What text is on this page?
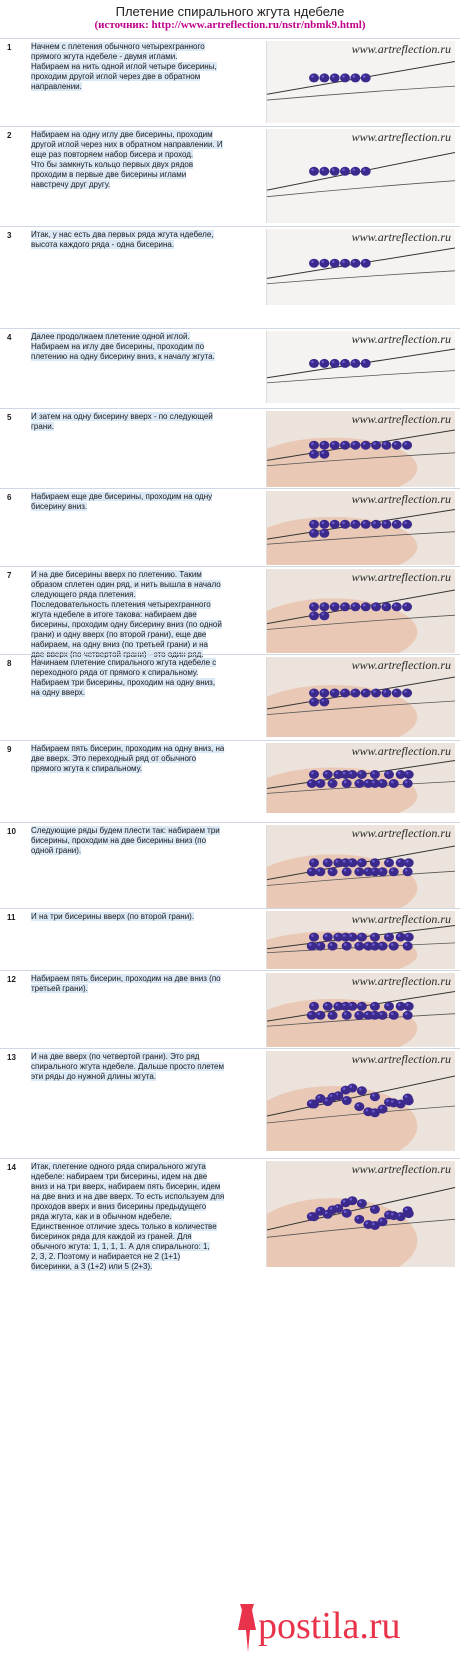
Плетение спирального жгута ндебеле
(источник: http://www.artreflection.ru/nstr/nbmk9.html)
1 Начнем с плетения обычного четырехгранного
прямого жгута ндебеле - двумя иглами.
Набираем на нить одной иглой четыре бисерины,
проходим другой иглой через две в обратном
направлении.
www.artreflection.ru
2 Набираем на одну иглу две бисерины, проходим
другой иглой через них в обратном направлении. И
еще раз повторяем набор бисера и проход.
Что бы замкнуть кольцо первых двух рядов
проходим в первые две бисерины иглами
навстречу друг другу.
www.artreflection.ru
3 Итак, у нас есть два первых ряда жгута ндебеле,
высота каждого ряда - одна бисерина.
www.artreflection.ru
4 Далее продолжаем плетение одной иглой.
Набираем на иглу две бисерины, проходим по
плетению на одну бисерину вниз, к началу жгута.
www.artreflection.ru
5 И затем на одну бисерину вверх - по следующей
грани.
www.artreflection.ru
6 Набираем еще две бисерины, проходим на одну
бисерину вниз.
www.artreflection.ru
7 И на две бисерины вверх по плетению. Таким
образом сплетен один ряд, и нить вышла в начало
следующего ряда плетения.
Последовательность плетения четырехгранного
жгута ндебеле в итоге такова: набираем две
бисерины, проходим одну бисерину вниз (по одной
грани) и одну вверх (по второй грани), еще две
набираем, на одну вниз (по третьей грани) и на

www.artreflection.ru
8 Начинаем плетение спирального жгута ндебеле с
переходного ряда от прямого к спиральному.
Набираем три бисерины, проходим на одну вниз,
на одну вверх.
www.artreflection.ru
9 Набираем пять бисерин, проходим на одну вниз, на
две вверх. Это переходный ряд от обычного
прямого жгута к спиральному.
www.artreflection.ru
10 Следующие ряды будем плести так: набираем три
бисерины, проходим на две бисерины вниз (по
одной грани).
www.artreflection.ru
11 И на три бисерины вверх (по второй грани).	www.artreflection.ru
12 Набираем пять бисерин, проходим на две вниз (по
третьей грани).
www.artreflection.ru
13 И на две вверх (по четвертой грани). Это ряд
спирального жгута ндебеле. Дальше просто плетем
эти ряды до нужной длины жгута.
www.artreflection.ru
14 Итак, плетение одного ряда спирального жгута
ндебеле: набираем три бисерины, идем на две
вниз и на три вверх, набираем пять бисерин, идем
на две вниз и на две вверх. То есть используем для
проходов вверх и вниз бисерины предыдущего
ряда жгута, как и в обычном ндебеле.
Единственное отличие здесь только в количестве
бисеринок ряда для каждой из граней. Для
обычного жгута: 1, 1, 1, 1. А для спирального: 1,
2, 3, 2. Поэтому и набирается не 2 (1+1)
бисеринки, а 3 (1+2) или 5 (2+3).
www.artreflection.ru
postila.ru
